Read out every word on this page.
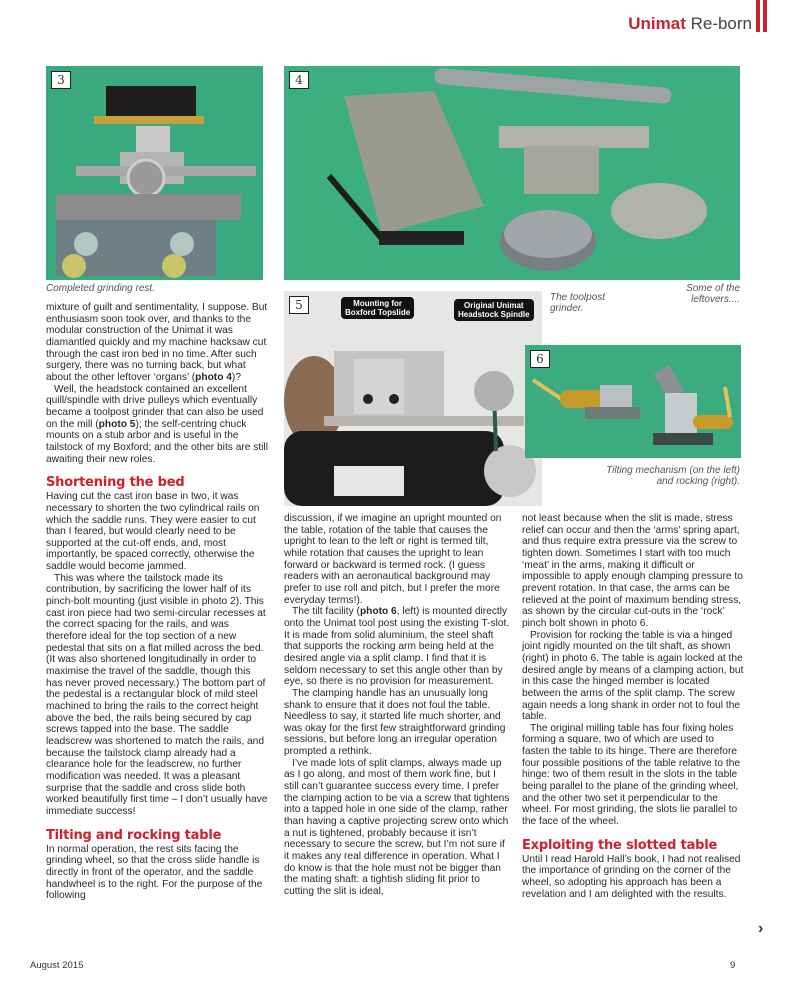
Unimat Re-born
3
Completed grinding rest.
4
Some of the
leftovers....
5	Mounting for
Boxford Topslide
Original Unimat
Headstock Spindle
The toolpost
grinder.
6
Tilting mechanism (on the left)
and rocking (right).

mixture of guilt and sentimentality, I suppose. But enthusiasm soon took over, and thanks to the modular construction of the Unimat it was diamantled quickly and my machine hacksaw cut through the cast iron bed in no time. After such surgery, there was no turning back, but what about the other leftover ‘organs’ (photo 4)?

Well, the headstock contained an excellent quill/spindle with drive pulleys which eventually became a toolpost grinder that can also be used on the mill (photo 5); the self-centring chuck mounts on a stub arbor and is useful in the tailstock of my Boxford; and the other bits are still awaiting their new roles.

Shortening the bed

Having cut the cast iron base in two, it was necessary to shorten the two cylindrical rails on which the saddle runs. They were easier to cut than I feared, but would clearly need to be supported at the cut-off ends, and, most importantly, be spaced correctly, otherwise the saddle would become jammed.

This was where the tailstock made its contribution, by sacrificing the lower half of its pinch-bolt mounting (just visible in photo 2). This cast iron piece had two semi-circular recesses at the correct spacing for the rails, and was therefore ideal for the top section of a new pedestal that sits on a flat milled across the bed. (It was also shortened longitudinally in order to maximise the travel of the saddle, though this has never proved necessary.) The bottom part of the pedestal is a rectangular block of mild steel machined to bring the rails to the correct height above the bed, the rails being secured by cap screws tapped into the base. The saddle leadscrew was shortened to match the rails, and because the tailstock clamp already had a clearance hole for the leadscrew, no further modification was needed. It was a pleasant surprise that the saddle and cross slide both worked beautifully first time – I don’t usually have immediate success!

Tilting and rocking table

In normal operation, the rest sits facing the grinding wheel, so that the cross slide handle is directly in front of the operator, and the saddle handwheel is to the right. For the purpose of the following

discussion, if we imagine an upright mounted on the table, rotation of the table that causes the upright to lean to the left or right is termed tilt, while rotation that causes the upright to lean forward or backward is termed rock. (I guess readers with an aeronautical background may prefer to use roll and pitch, but I prefer the more everyday terms!).

The tilt facility (photo 6, left) is mounted directly onto the Unimat tool post using the existing T-slot. It is made from solid aluminium, the steel shaft that supports the rocking arm being held at the desired angle via a split clamp. I find that it is seldom necessary to set this angle other than by eye, so there is no provision for measurement.

The clamping handle has an unusually long shank to ensure that it does not foul the table. Needless to say, it started life much shorter, and was okay for the first few straightforward grinding sessions, but before long an irregular operation prompted a rethink.

I’ve made lots of split clamps, always made up as I go along, and most of them work fine, but I still can’t guarantee success every time. I prefer the clamping action to be via a screw that tightens into a tapped hole in one side of the clamp, rather than having a captive projecting screw onto which a nut is tightened, probably because it isn’t necessary to secure the screw, but I’m not sure if it makes any real difference in operation. What I do know is that the hole must not be bigger than the mating shaft: a tightish sliding fit prior to cutting the slit is ideal,

not least because when the slit is made, stress relief can occur and then the ‘arms’ spring apart, and thus require extra pressure via the screw to tighten down. Sometimes I start with too much ‘meat’ in the arms, making it difficult or impossible to apply enough clamping pressure to prevent rotation. In that case, the arms can be relieved at the point of maximum bending stress, as shown by the circular cut-outs in the ‘rock’ pinch bolt shown in photo 6.

Provision for rocking the table is via a hinged joint rigidly mounted on the tilt shaft, as shown (right) in photo 6. The table is again locked at the desired angle by means of a clamping action, but in this case the hinged member is located between the arms of the split clamp. The screw again needs a long shank in order not to foul the table.

The original milling table has four fixing holes forming a square, two of which are used to fasten the table to its hinge. There are therefore four possible positions of the table relative to the hinge: two of them result in the slots in the table being parallel to the plane of the grinding wheel, and the other two set it perpendicular to the wheel. For most grinding, the slots lie parallel to the face of the wheel.

Exploiting the slotted table

Until I read Harold Hall’s book, I had not realised the importance of grinding on the corner of the wheel, so adopting his approach has been a revelation and I am delighted with the results.

›
August 2015	9
